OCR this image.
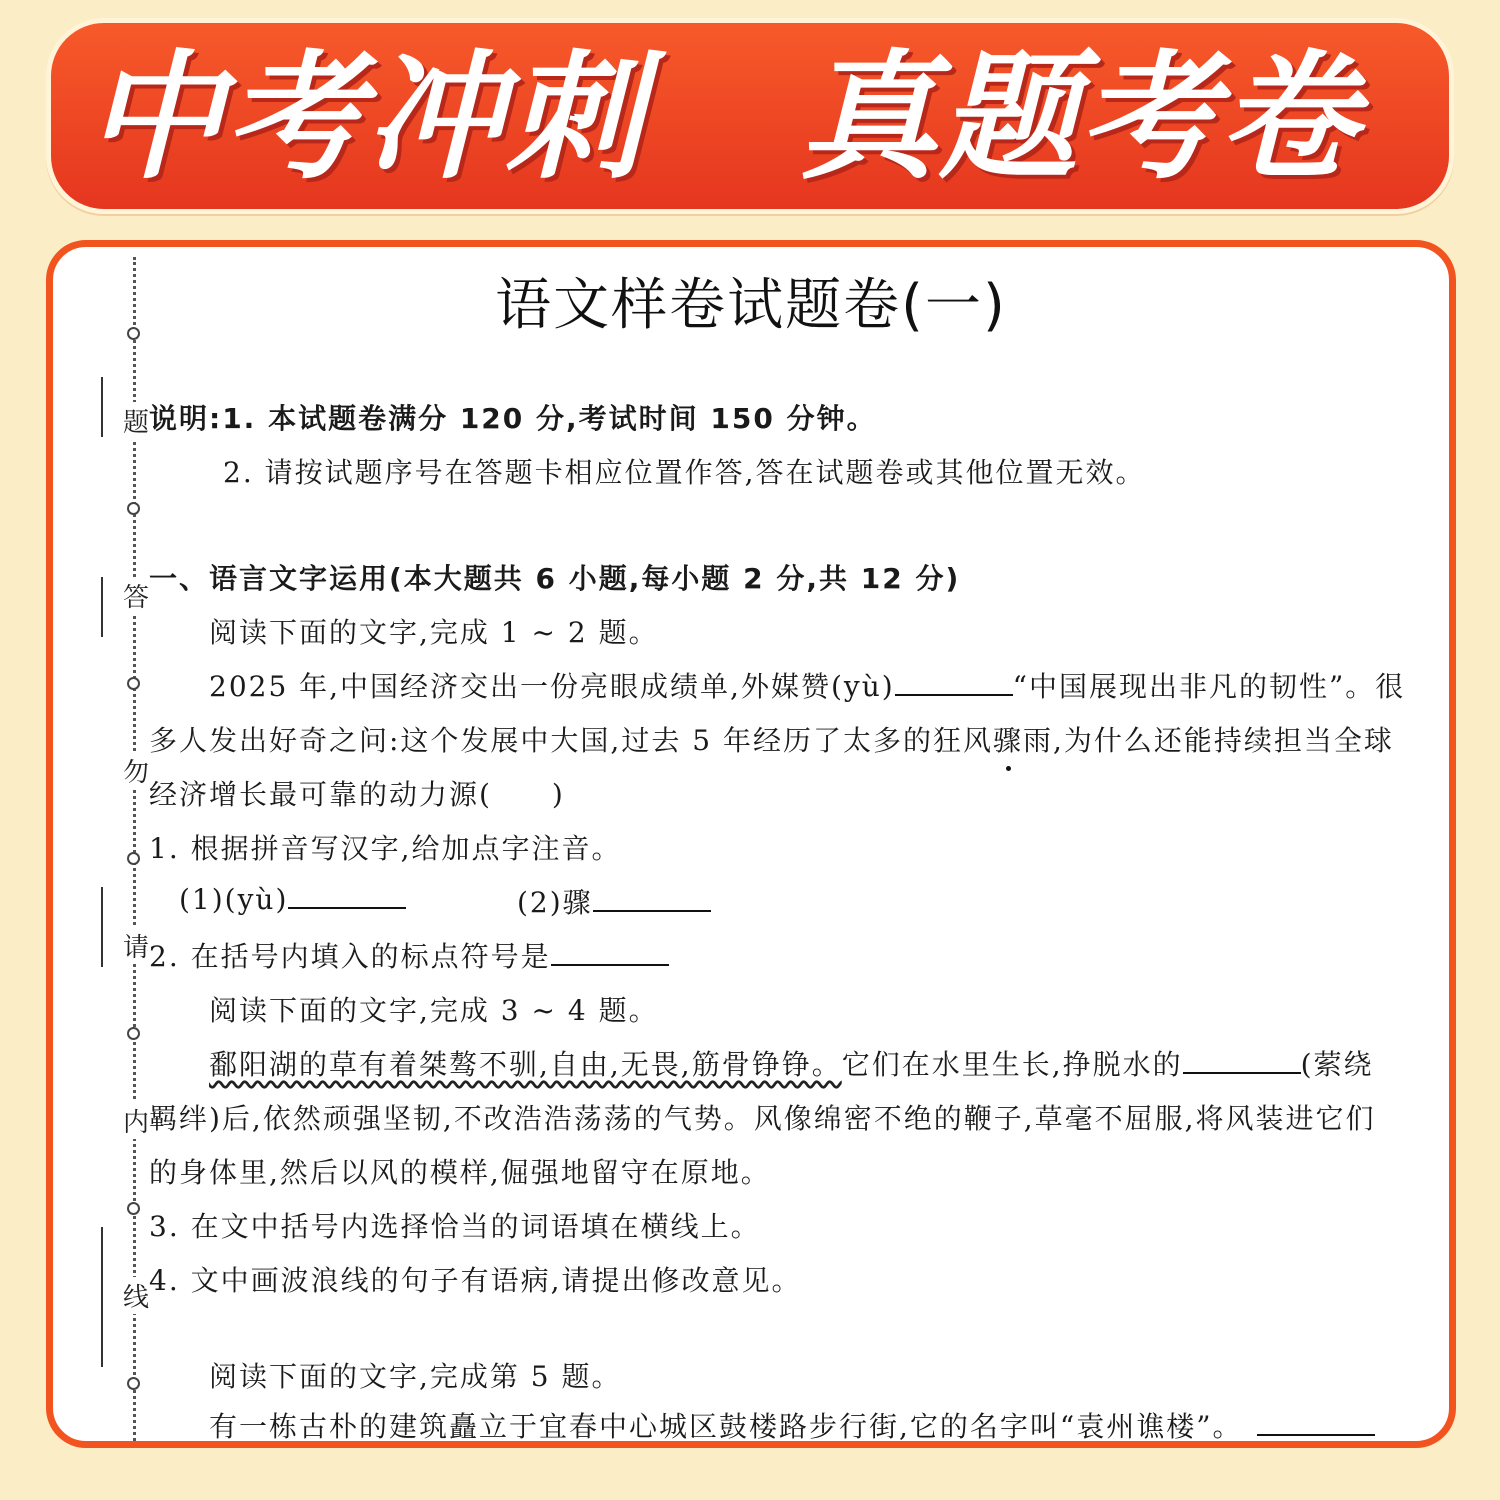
中考冲刺 真题考卷
题
答
勿
请
内
线
语文样卷试题卷(一)
说明:1. 本试题卷满分 120 分,考试时间 150 分钟。
2. 请按试题序号在答题卡相应位置作答,答在试题卷或其他位置无效。
一、语言文字运用(本大题共 6 小题,每小题 2 分,共 12 分)
阅读下面的文字,完成 1 ~ 2 题。
2025 年,中国经济交出一份亮眼成绩单,外媒赞(yù)	“中国展现出非凡的韧性”。很
多人发出好奇之问:这个发展中大国,过去 5 年经历了太多的狂风骤雨,为什么还能持续担当全球
经济增长最可靠的动力源(　　)
1. 根据拼音写汉字,给加点字注音。
(1)(yù)	(2)骤
2. 在括号内填入的标点符号是
阅读下面的文字,完成 3 ~ 4 题。
鄱阳湖的草有着桀骜不驯,自由,无畏,筋骨铮铮。它们在水里生长,挣脱水的	(萦绕
羁绊)后,依然顽强坚韧,不改浩浩荡荡的气势。风像绵密不绝的鞭子,草毫不屈服,将风装进它们
的身体里,然后以风的模样,倔强地留守在原地。
3. 在文中括号内选择恰当的词语填在横线上。
4. 文中画波浪线的句子有语病,请提出修改意见。
阅读下面的文字,完成第 5 题。
有一栋古朴的建筑矗立于宜春中心城区鼓楼路步行街,它的名字叫“袁州谯楼”。
